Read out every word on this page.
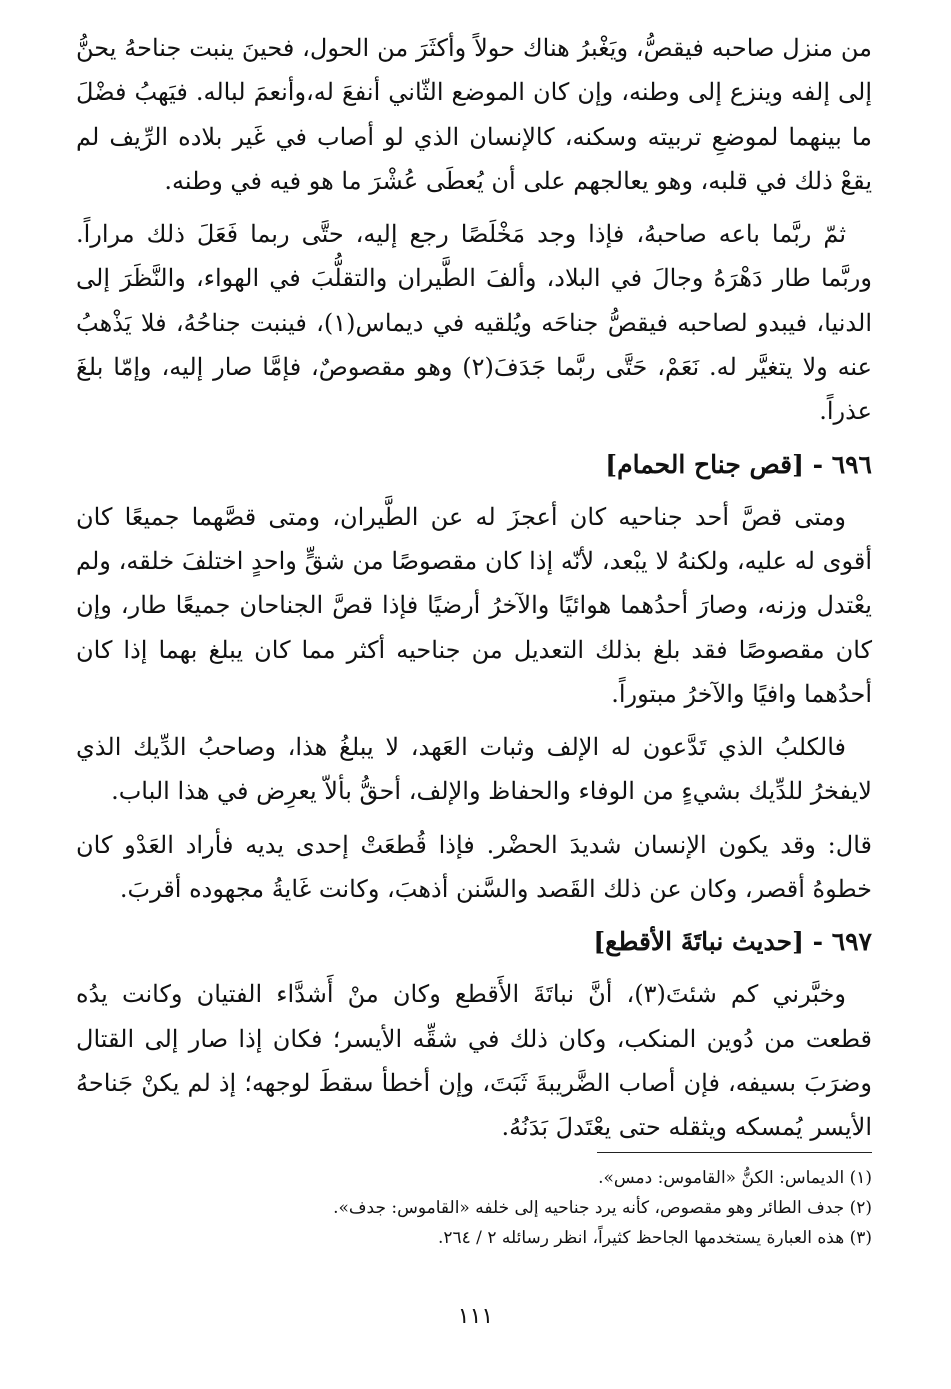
من منزل صاحبه فيقصُّ، ويَغْبرُ هناك حولاً وأكثَرَ من الحول، فحينَ ينبت جناحهُ يحنُّ إلى إلفه وينزع إلى وطنه، وإن كان الموضع الثّاني أنفعَ له،وأنعمَ لباله. فيَهبُ فضْلَ ما بينهما لموضعِ تربيته وسكنه، كالإنسان الذي لو أصاب في غَير بلاده الرِّيف لم يقعْ ذلك في قلبه، وهو يعالجهم على أن يُعطَى عُشْرَ ما هو فيه في وطنه.

ثمّ ربَّما باعه صاحبهُ، فإذا وجد مَخْلَصًا رجع إليه، حتَّى ربما فَعَلَ ذلك مراراً. وربَّما طار دَهْرَهُ وجالَ في البلاد، وألفَ الطَّيران والتقلُّبَ في الهواء، والنَّظَرَ إلى الدنيا، فيبدو لصاحبه فيقصُّ جناحَه ويُلقيه في ديماس(١)، فينبت جناحُهُ، فلا يَذْهبُ عنه ولا يتغيَّر له. نَعَمْ، حَتَّى ربَّما جَدَفَ(٢) وهو مقصوصٌ، فإمَّا صار إليه، وإمّا بلغَ عذراً.

٦٩٦ - [قص جناح الحمام]

ومتى قصَّ أحد جناحيه كان أعجزَ له عن الطَّيران، ومتى قصَّهما جميعًا كان أقوى له عليه، ولكنهُ لا يبْعد، لأنّه إذا كان مقصوصًا من شقٍّ واحدٍ اختلفَ خلقه، ولم يعْتدل وزنه، وصارَ أحدُهما هوائيًا والآخرُ أرضيًا فإذا قصَّ الجناحان جميعًا طار، وإن كان مقصوصًا فقد بلغ بذلك التعديل من جناحيه أكثر مما كان يبلغ بهما إذا كان أحدُهما وافيًا والآخرُ مبتوراً.

فالكلبُ الذي تَدَّعون له الإلف وثبات العَهد، لا يبلغُ هذا، وصاحبُ الدِّيك الذي لايفخرُ للدِّيك بشيءٍ من الوفاء والحفاظ والإلف، أحقُّ بألاّ يعرِض في هذا الباب.

قال: وقد يكون الإنسان شديدَ الحضْر. فإذا قُطعَتْ إحدى يديه فأراد العَدْو كان خطوهُ أقصر، وكان عن ذلك القَصد والسَّنن أذهبَ، وكانت غَايةُ مجهوده أقربَ.

٦٩٧ - [حديث نباتَةَ الأقطع]

وخبَّرني كم شئتَ(٣)، أنَّ نباتَةَ الأَقطع وكان منْ أَشدَّاء الفتيان وكانت يدُه قطعت من دُوين المنكب، وكان ذلك في شقِّه الأيسر؛ فكان إذا صار إلى القتال وضرَبَ بسيفه، فإن أصاب الضَّريبةَ ثَبَتَ، وإن أخطأ سقطَ لوجهه؛ إذ لم يكنْ جَناحهُ الأيسر يُمسكه ويثقله حتى يعْتَدلَ بَدَنُهُ.

(١) الديماس: الكنُّ «القاموس: دمس».

(٢) جدف الطائر وهو مقصوص، كأنه يرد جناحيه إلى خلفه «القاموس: جدف».

(٣) هذه العبارة يستخدمها الجاحظ كثيراً، انظر رسائله ٢ / ٢٦٤.

١١١
